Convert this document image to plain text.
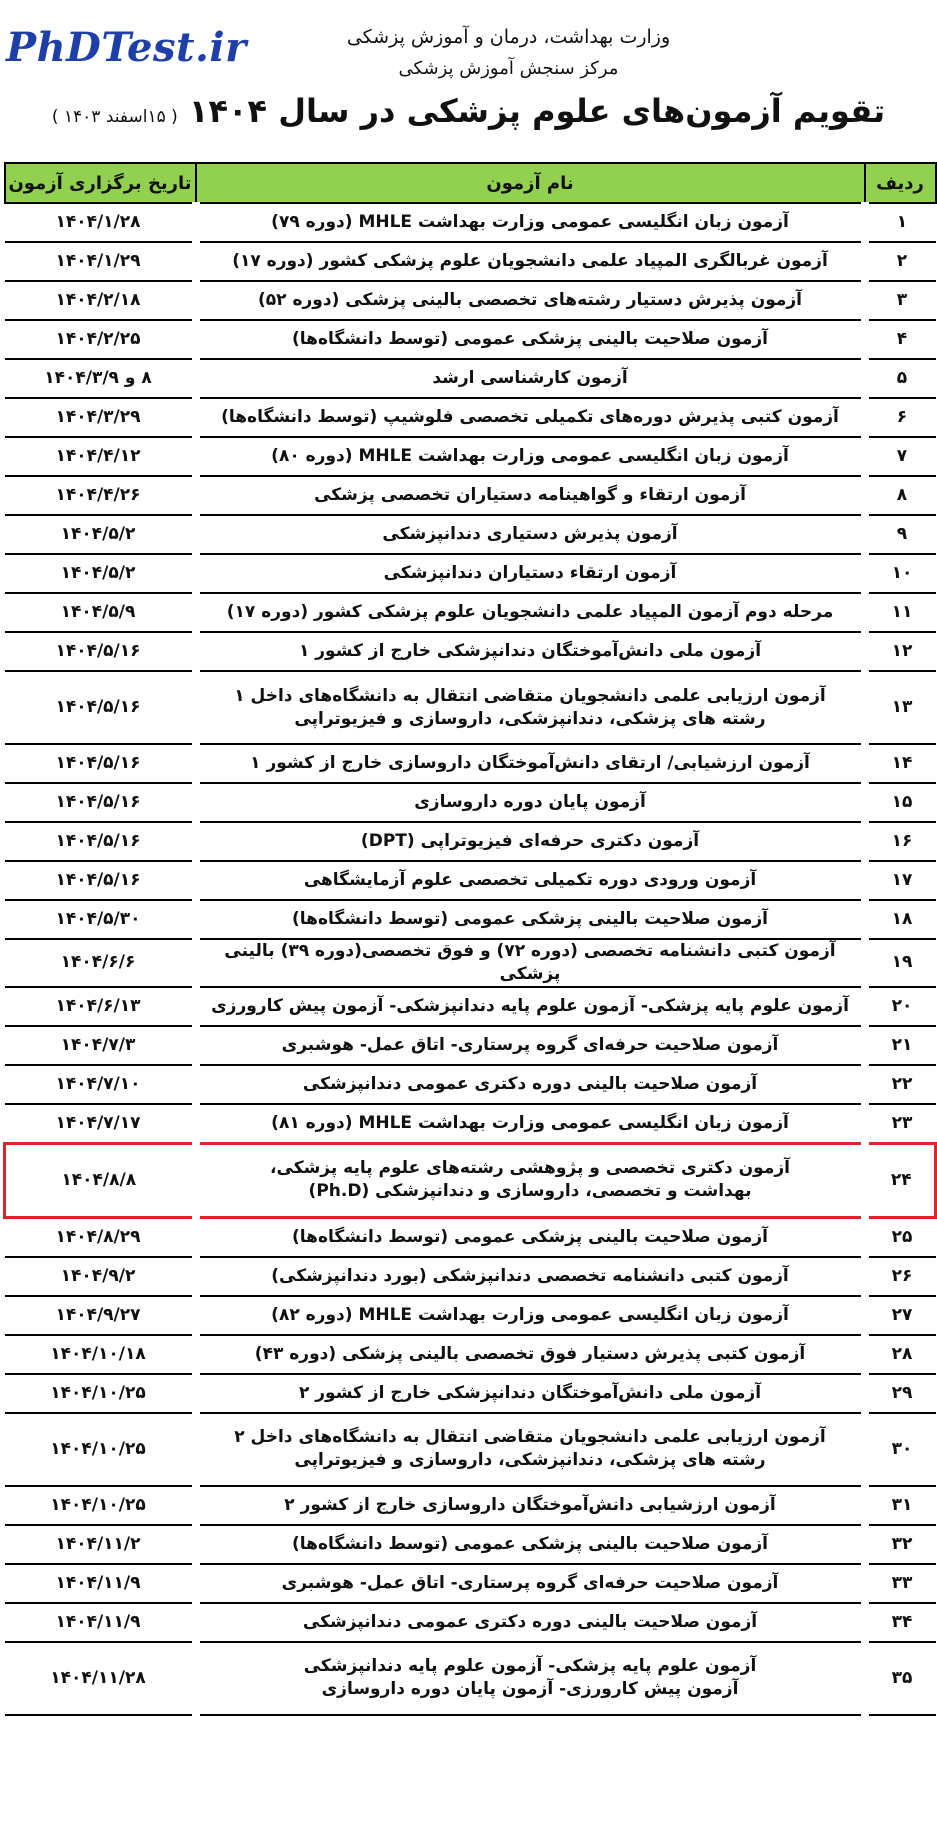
PhDTest.ir	وزارت بهداشت، درمان و آموزش پزشکی
مرکز سنجش آموزش پزشکی
تقویم آزمون‌های علوم پزشکی در سال ۱۴۰۴ ( ۱۵اسفند ۱۴۰۳ )
ردیف	نام آزمون	تاریخ برگزاری آزمون
۱	آزمون زبان انگلیسی عمومی وزارت بهداشت MHLE (دوره ۷۹)	۱۴۰۴/۱/۲۸
۲	آزمون غربالگری المپیاد علمی دانشجویان علوم پزشکی کشور (دوره ۱۷)	۱۴۰۴/۱/۲۹
۳	آزمون پذیرش دستیار رشته‌های تخصصی بالینی پزشکی (دوره ۵۲)	۱۴۰۴/۲/۱۸
۴	آزمون صلاحیت بالینی پزشکی عمومی (توسط دانشگاه‌ها)	۱۴۰۴/۲/۲۵
۵	آزمون کارشناسی ارشد	۸ و ۱۴۰۴/۳/۹
۶	آزمون کتبی پذیرش دوره‌های تکمیلی تخصصی فلوشیپ (توسط دانشگاه‌ها)	۱۴۰۴/۳/۲۹
۷	آزمون زبان انگلیسی عمومی وزارت بهداشت MHLE (دوره ۸۰)	۱۴۰۴/۴/۱۲
۸	آزمون ارتقاء و گواهینامه دستیاران تخصصی پزشکی	۱۴۰۴/۴/۲۶
۹	آزمون پذیرش دستیاری دندانپزشکی	۱۴۰۴/۵/۲
۱۰	آزمون ارتقاء دستیاران دندانپزشکی	۱۴۰۴/۵/۲
۱۱	مرحله دوم آزمون المپیاد علمی دانشجویان علوم پزشکی کشور (دوره ۱۷)	۱۴۰۴/۵/۹
۱۲	آزمون ملی دانش‌آموختگان دندانپزشکی خارج از کشور ۱	۱۴۰۴/۵/۱۶
۱۳	آزمون ارزیابی علمی دانشجویان متقاضی انتقال به دانشگاه‌های داخل ۱
رشته های پزشکی، دندانپزشکی، داروسازی و فیزیوتراپی	۱۴۰۴/۵/۱۶
۱۴	آزمون ارزشیابی/ ارتقای دانش‌آموختگان داروسازی خارج از کشور ۱	۱۴۰۴/۵/۱۶
۱۵	آزمون پایان دوره داروسازی	۱۴۰۴/۵/۱۶
۱۶	آزمون دکتری حرفه‌ای فیزیوتراپی (DPT)	۱۴۰۴/۵/۱۶
۱۷	آزمون ورودی دوره تکمیلی تخصصی علوم آزمایشگاهی	۱۴۰۴/۵/۱۶
۱۸	آزمون صلاحیت بالینی پزشکی عمومی (توسط دانشگاه‌ها)	۱۴۰۴/۵/۳۰
۱۹	آزمون کتبی دانشنامه تخصصی (دوره ۷۲) و فوق تخصصی(دوره ۳۹) بالینی پزشکی	۱۴۰۴/۶/۶
۲۰	آزمون علوم پایه پزشکی- آزمون علوم پایه دندانپزشکی- آزمون پیش کارورزی	۱۴۰۴/۶/۱۳
۲۱	آزمون صلاحیت حرفه‌ای گروه پرستاری- اتاق عمل- هوشبری	۱۴۰۴/۷/۳
۲۲	آزمون صلاحیت بالینی دوره دکتری عمومی دندانپزشکی	۱۴۰۴/۷/۱۰
۲۳	آزمون زبان انگلیسی عمومی وزارت بهداشت MHLE (دوره ۸۱)	۱۴۰۴/۷/۱۷
۲۴	آزمون دکتری تخصصی و پژوهشی رشته‌های علوم پایه پزشکی،
بهداشت و تخصصی، داروسازی و دندانپزشکی (Ph.D)	۱۴۰۴/۸/۸
۲۵	آزمون صلاحیت بالینی پزشکی عمومی (توسط دانشگاه‌ها)	۱۴۰۴/۸/۲۹
۲۶	آزمون کتبی دانشنامه تخصصی دندانپزشکی (بورد دندانپزشکی)	۱۴۰۴/۹/۲
۲۷	آزمون زبان انگلیسی عمومی وزارت بهداشت MHLE (دوره ۸۲)	۱۴۰۴/۹/۲۷
۲۸	آزمون کتبی پذیرش دستیار فوق تخصصی بالینی پزشکی (دوره ۴۳)	۱۴۰۴/۱۰/۱۸
۲۹	آزمون ملی دانش‌آموختگان دندانپزشکی خارج از کشور ۲	۱۴۰۴/۱۰/۲۵
۳۰	آزمون ارزیابی علمی دانشجویان متقاضی انتقال به دانشگاه‌های داخل ۲
رشته های پزشکی، دندانپزشکی، داروسازی و فیزیوتراپی	۱۴۰۴/۱۰/۲۵
۳۱	آزمون ارزشیابی دانش‌آموختگان داروسازی خارج از کشور ۲	۱۴۰۴/۱۰/۲۵
۳۲	آزمون صلاحیت بالینی پزشکی عمومی (توسط دانشگاه‌ها)	۱۴۰۴/۱۱/۲
۳۳	آزمون صلاحیت حرفه‌ای گروه پرستاری- اتاق عمل- هوشبری	۱۴۰۴/۱۱/۹
۳۴	آزمون صلاحیت بالینی دوره دکتری عمومی دندانپزشکی	۱۴۰۴/۱۱/۹
۳۵	آزمون علوم پایه پزشکی- آزمون علوم پایه دندانپزشکی
آزمون پیش کارورزی- آزمون پایان دوره داروسازی	۱۴۰۴/۱۱/۲۸
